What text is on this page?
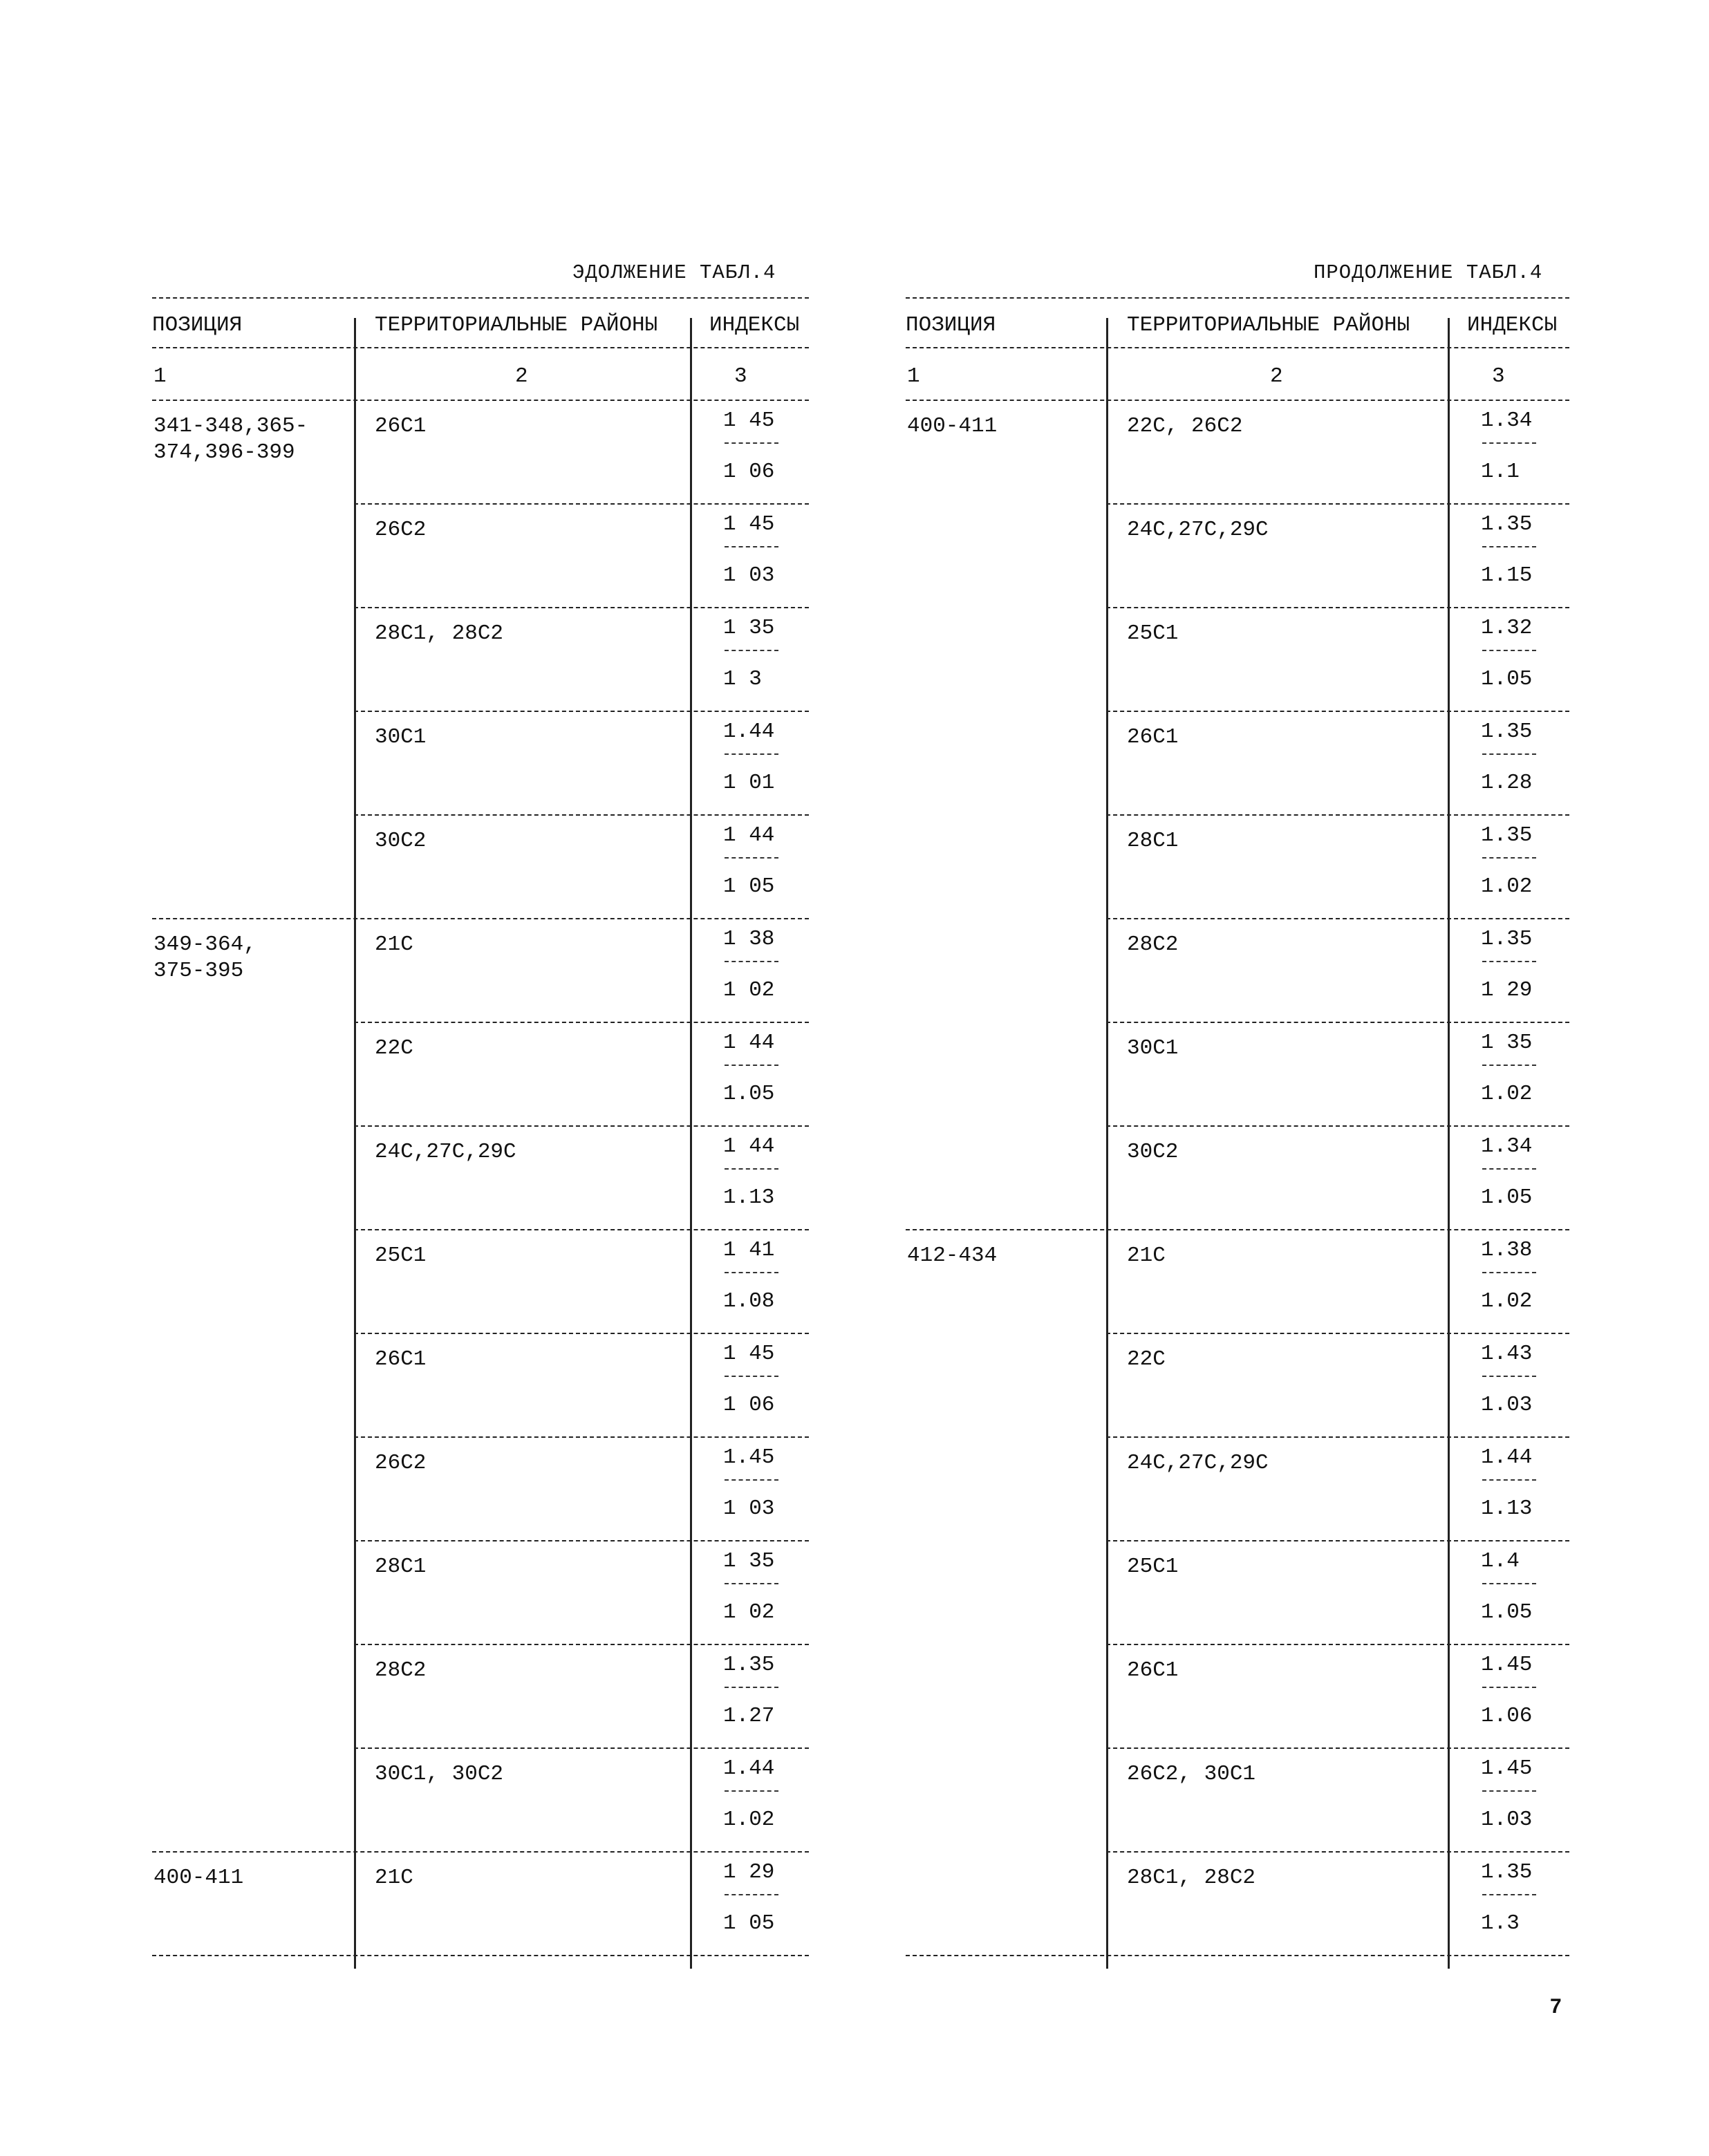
ЭДОЛЖЕНИЕ ТАБЛ.4	ПРОДОЛЖЕНИЕ ТАБЛ.4
ПОЗИЦИЯ	ТЕРРИТОРИАЛЬНЫЕ РАЙОНЫ ИНДЕКСЫ
1	2	3
341-348,365-
374,396-399
26С1	1 45
1 06
26С2	1 45
1 03
28С1, 28С2	1 35
1 3
30С1	1.44
1 01
30С2	1 44
1 05
349-364,
375-395
21С	1 38
1 02
22С	1 44
1.05
24С,27С,29С	1 44
1.13
25С1	1 41
1.08
26С1	1 45
1 06
26С2	1.45
1 03
28С1	1 35
1 02
28С2	1.35
1.27
30С1, 30С2	1.44
1.02
400-411	21С	1 29
1 05
ПОЗИЦИЯ	ТЕРРИТОРИАЛЬНЫЕ РАЙОНЫ	ИНДЕКСЫ
1	2	3
400-411	22С, 26С2	1.34
1.1
24С,27С,29С	1.35
1.15
25С1	1.32
1.05
26С1	1.35
1.28
28С1	1.35
1.02
28С2	1.35
1 29
30С1	1 35
1.02
30С2	1.34
1.05
412-434	21С	1.38
1.02
22С	1.43
1.03
24С,27С,29С	1.44
1.13
25С1	1.4
1.05
26С1	1.45
1.06
26С2, 30С1	1.45
1.03
28С1, 28С2	1.35
1.3
7
